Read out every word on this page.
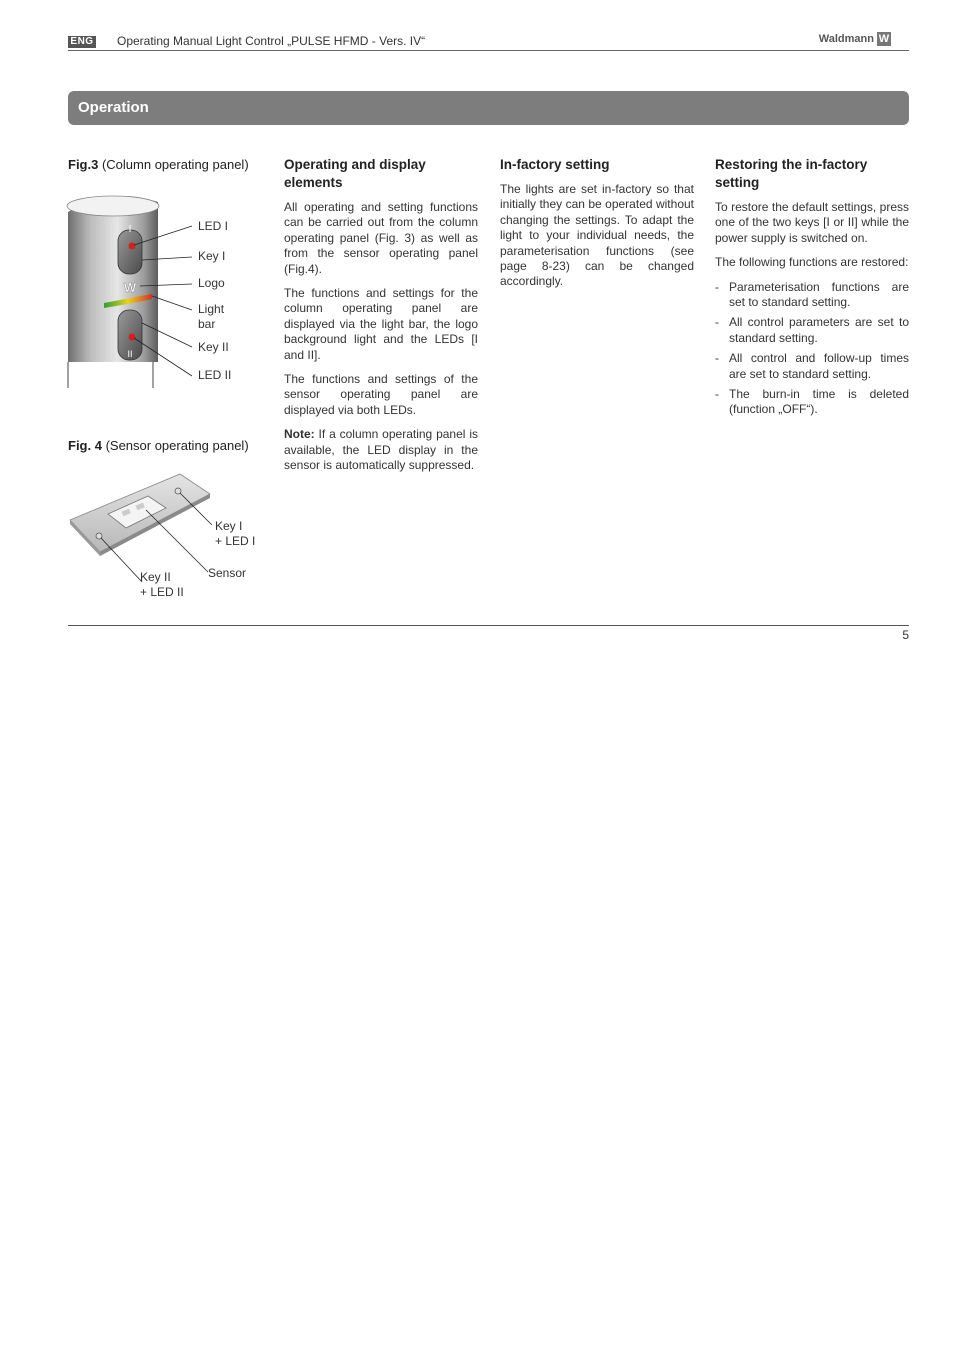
ENG Operating Manual Light Control „PULSE HFMD - Vers. IV“	Waldmann W
Operation
Fig.3 (Column operating panel)
I
W
II
LED I
Key I
Logo
Light
bar
Key II
LED II
Fig. 4 (Sensor operating panel)
Key I
+ LED I
Sensor
Key II
+ LED II
Operating and display elements

All operating and setting functions can be carried out from the column operating panel (Fig. 3) as well as from the sensor operating panel (Fig.4).

The functions and settings for the column operating panel are displayed via the light bar, the logo background light and the LEDs [I and II].

The functions and settings of the sensor operating panel are displayed via both LEDs.

Note: If a column operating panel is available, the LED display in the sensor is automatically suppressed.

In-factory setting

The lights are set in-factory so that initially they can be operated without changing the settings. To adapt the light to your individual needs, the parameterisation functions (see page 8-23) can be changed accordingly.

Restoring the in-factory setting

To restore the default settings, press one of the two keys [I or II] while the power supply is switched on.

The following functions are restored:

- Parameterisation functions are set to standard setting.
- All control parameters are set to standard setting.
- All control and follow-up times are set to standard setting.
- The burn-in time is deleted (function „OFF“).
5
